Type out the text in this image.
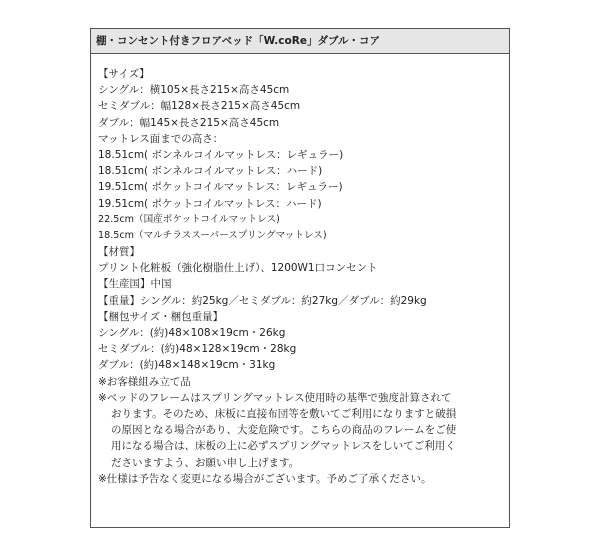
棚・コンセント付きフロアベッド「W.coRe」ダブル・コア
【サイズ】
シングル：横105×長さ215×高さ45cm
セミダブル：幅128×長さ215×高さ45cm
ダブル：幅145×長さ215×高さ45cm
マットレス面までの高さ：
18.51cm( ボンネルコイルマットレス：レギュラー)
18.51cm( ボンネルコイルマットレス：ハード)
19.51cm( ポケットコイルマットレス：レギュラー)
19.51cm( ポケットコイルマットレス：ハード)
22.5cm（国産ポケットコイルマットレス)
18.5cm（マルチラススーパースプリングマットレス)
【材質】
プリント化粧板（強化樹脂仕上げ）、1200W1口コンセント
【生産国】中国
【重量】シングル：約25kg／セミダブル：約27kg／ダブル：約29kg
【梱包サイズ・梱包重量】
シングル：(約)48×108×19cm・26kg
セミダブル：(約)48×128×19cm・28kg
ダブル：(約)48×148×19cm・31kg
※お客様組み立て品
※ベッドのフレームはスプリングマットレス使用時の基準で強度計算されて
おります。そのため、床板に直接布団等を敷いてご利用になりますと破損
の原因となる場合があり、大変危険です。こちらの商品のフレームをご使
用になる場合は、床板の上に必ずスプリングマットレスをしいてご利用く
ださいますよう、お願い申し上げます。
※仕様は予告なく変更になる場合がございます。予めご了承ください。
